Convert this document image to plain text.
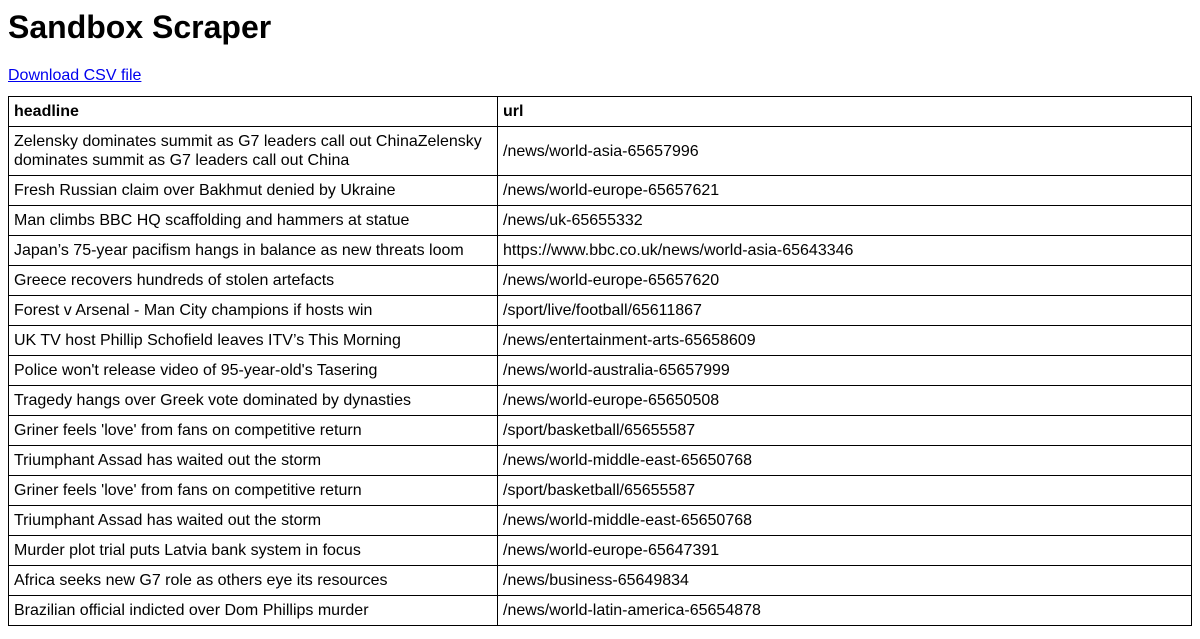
Sandbox Scraper
Download CSV file
headline	url
Zelensky dominates summit as G7 leaders call out ChinaZelensky dominates summit as G7 leaders call out China	/news/world-asia-65657996
Fresh Russian claim over Bakhmut denied by Ukraine	/news/world-europe-65657621
Man climbs BBC HQ scaffolding and hammers at statue	/news/uk-65655332
Japan’s 75-year pacifism hangs in balance as new threats loom	https://www.bbc.co.uk/news/world-asia-65643346
Greece recovers hundreds of stolen artefacts	/news/world-europe-65657620
Forest v Arsenal - Man City champions if hosts win	/sport/live/football/65611867
UK TV host Phillip Schofield leaves ITV’s This Morning	/news/entertainment-arts-65658609
Police won't release video of 95-year-old's Tasering	/news/world-australia-65657999
Tragedy hangs over Greek vote dominated by dynasties	/news/world-europe-65650508
Griner feels 'love' from fans on competitive return	/sport/basketball/65655587
Triumphant Assad has waited out the storm	/news/world-middle-east-65650768
Griner feels 'love' from fans on competitive return	/sport/basketball/65655587
Triumphant Assad has waited out the storm	/news/world-middle-east-65650768
Murder plot trial puts Latvia bank system in focus	/news/world-europe-65647391
Africa seeks new G7 role as others eye its resources	/news/business-65649834
Brazilian official indicted over Dom Phillips murder	/news/world-latin-america-65654878
